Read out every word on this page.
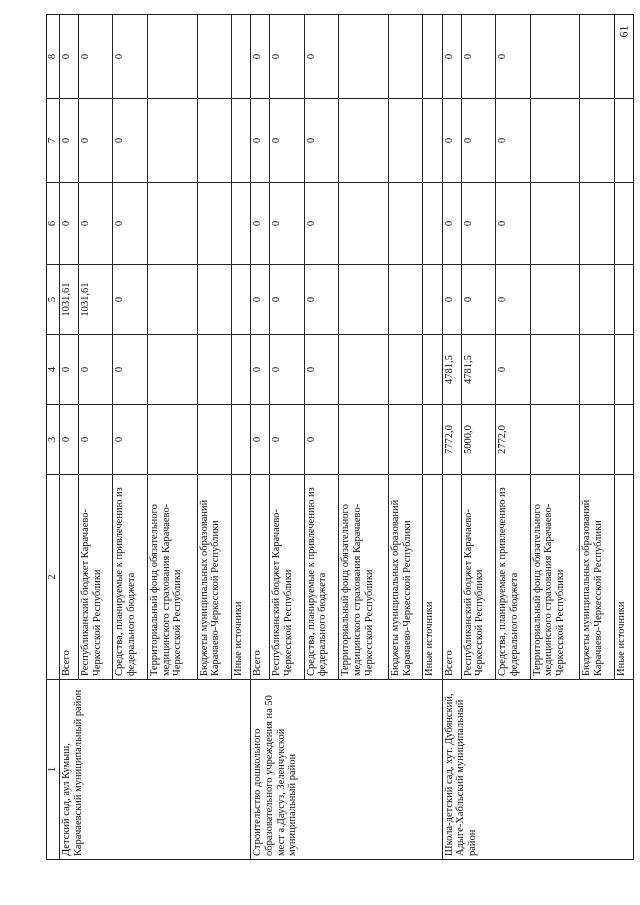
61
1	2	3	4	5	6	7	8
Детский сад, аул Кумыш, Карачаевский муниципальный район	Всего	0	0	1031,61	0	0	0
	Республиканский бюджет Карачаево-Черкесской Республики	0	0	1031,61	0	0	0
	Средства, планируемые к привлечению из федерального бюджета	0	0	0	0	0	0
	Территориальный фонд обязательного медицинского страхования Карачаево-Черкесской Республики						
	Бюджеты муниципальных образований Карачаево-Черкесской Республики						
	Иные источники						
Строительство дошкольного образовательного учреждения на 50 мест а.Даусуз, Зеленчукской муниципальный район	Всего	0	0	0	0	0	0
	Республиканский бюджет Карачаево-Черкесской Республики	0	0	0	0	0	0
	Средства, планируемые к привлечению из федерального бюджета	0	0	0	0	0	0
	Территориальный фонд обязательного медицинского страхования Карачаево-Черкесской Республики						
	Бюджеты муниципальных образований Карачаево-Черкесской Республики						
	Иные источники						
Школа-детский сад, хут. Дубянский, Адыге-Хабльский муниципальный район	Всего	7772,0	4781,5	0	0	0	0
	Республиканский бюджет Карачаево-Черкесской Республики	5000,0	4781,5	0	0	0	0
	Средства, планируемые к привлечению из федерального бюджета	2772,0	0	0	0	0	0
	Территориальный фонд обязательного медицинского страхования Карачаево-Черкесской Республики						
	Бюджеты муниципальных образований Карачаево-Черкесской Республики						
	Иные источники						
